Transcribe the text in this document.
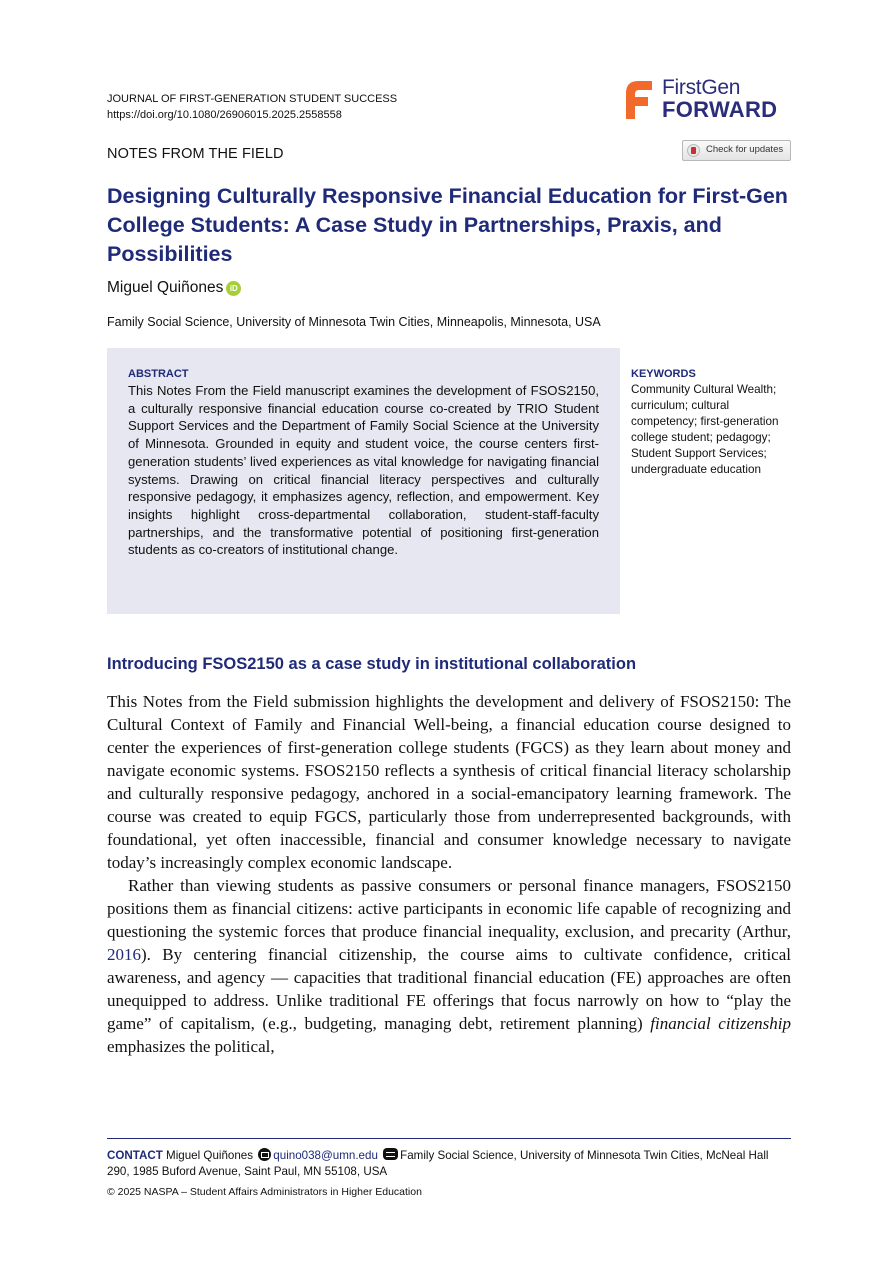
JOURNAL OF FIRST-GENERATION STUDENT SUCCESS
https://doi.org/10.1080/26906015.2025.2558558
FirstGen
FORWARD
NOTES FROM THE FIELD	Check for updates
Designing Culturally Responsive Financial Education for First-Gen College Students: A Case Study in Partnerships, Praxis, and Possibilities
Miguel Quiñones iD
Family Social Science, University of Minnesota Twin Cities, Minneapolis, Minnesota, USA
ABSTRACT
This Notes From the Field manuscript examines the development of FSOS2150, a culturally responsive financial education course co-created by TRIO Student Support Services and the Department of Family Social Science at the University of Minnesota. Grounded in equity and student voice, the course centers first-generation students’ lived experiences as vital knowledge for navigating financial systems. Drawing on critical financial literacy perspectives and culturally responsive pedagogy, it emphasizes agency, reflection, and empowerment. Key insights highlight cross-departmental collaboration, student-staff-faculty partnerships, and the transformative potential of positioning first-generation students as co-creators of institutional change.
KEYWORDS
Community Cultural Wealth; curriculum; cultural competency; first-generation college student; pedagogy; Student Support Services; undergraduate education
Introducing FSOS2150 as a case study in institutional collaboration

This Notes from the Field submission highlights the development and delivery of FSOS2150: The Cultural Context of Family and Financial Well-being, a financial education course designed to center the experiences of first-generation college students (FGCS) as they learn about money and navigate economic systems. FSOS2150 reflects a synthesis of critical financial literacy scholarship and culturally responsive pedagogy, anchored in a social-emancipatory learning framework. The course was created to equip FGCS, particularly those from underrepresented backgrounds, with foundational, yet often inaccessible, financial and consumer knowledge necessary to navigate today’s increasingly complex economic landscape.

Rather than viewing students as passive consumers or personal finance managers, FSOS2150 positions them as financial citizens: active participants in economic life capable of recognizing and questioning the systemic forces that produce financial inequality, exclusion, and precarity (Arthur, 2016). By centering financial citizenship, the course aims to cultivate confidence, critical awareness, and agency — capacities that traditional financial education (FE) approaches are often unequipped to address. Unlike traditional FE offerings that focus narrowly on how to “play the game” of capitalism, (e.g., budgeting, managing debt, retirement planning) financial citizenship emphasizes the political,

CONTACT Miguel Quiñones quino038@umn.edu Family Social Science, University of Minnesota Twin Cities, McNeal Hall 290, 1985 Buford Avenue, Saint Paul, MN 55108, USA
© 2025 NASPA – Student Affairs Administrators in Higher Education
